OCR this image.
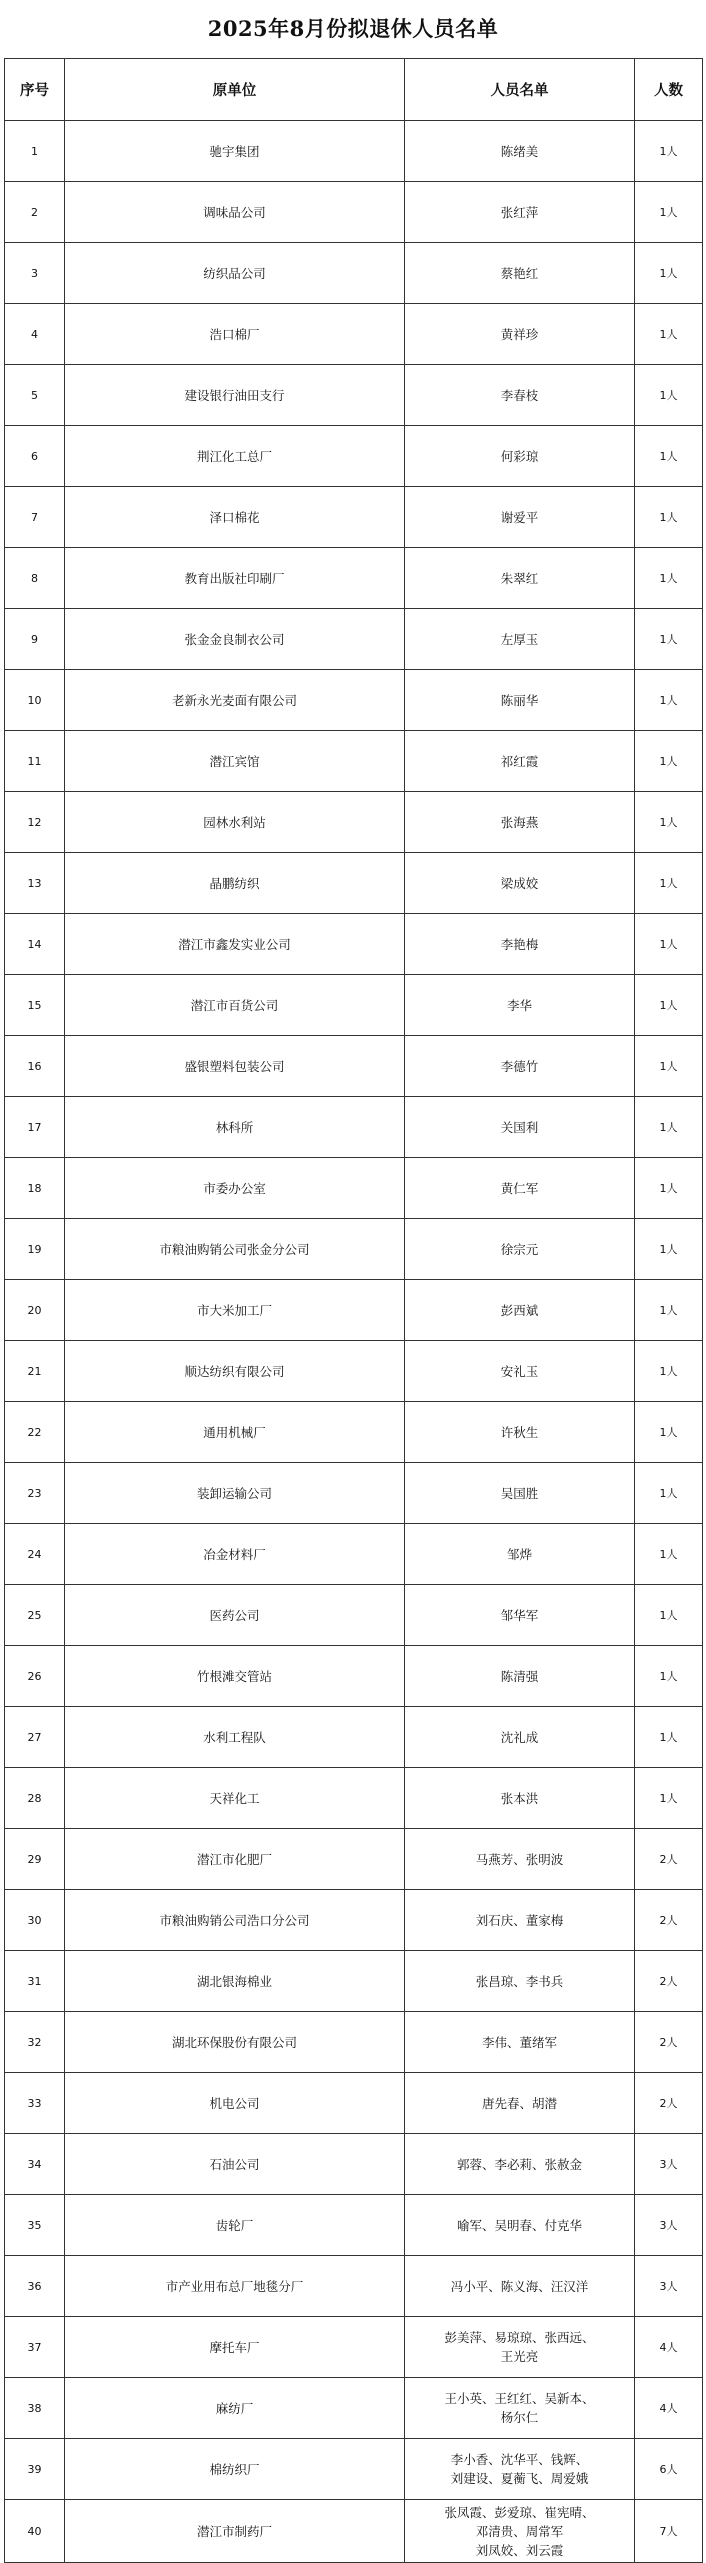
2025年8月份拟退休人员名单
序号	原单位	人员名单	人数
1	驰宇集团	陈绪美	1人
2	调味品公司	张红萍	1人
3	纺织品公司	蔡艳红	1人
4	浩口棉厂	黄祥珍	1人
5	建设银行油田支行	李春枝	1人
6	荆江化工总厂	何彩琼	1人
7	泽口棉花	谢爱平	1人
8	教育出版社印刷厂	朱翠红	1人
9	张金金良制衣公司	左厚玉	1人
10	老新永光麦面有限公司	陈丽华	1人
11	潜江宾馆	祁红霞	1人
12	园林水利站	张海燕	1人
13	晶鹏纺织	梁成姣	1人
14	潜江市鑫发实业公司	李艳梅	1人
15	潜江市百货公司	李华	1人
16	盛银塑料包装公司	李德竹	1人
17	林科所	关国利	1人
18	市委办公室	黄仁军	1人
19	市粮油购销公司张金分公司	徐宗元	1人
20	市大米加工厂	彭西斌	1人
21	顺达纺织有限公司	安礼玉	1人
22	通用机械厂	许秋生	1人
23	装卸运输公司	吴国胜	1人
24	冶金材料厂	邹烨	1人
25	医药公司	邹华军	1人
26	竹根滩交管站	陈清强	1人
27	水利工程队	沈礼成	1人
28	天祥化工	张本洪	1人
29	潜江市化肥厂	马燕芳、张明波	2人
30	市粮油购销公司浩口分公司	刘石庆、董家梅	2人
31	湖北银海棉业	张昌琼、李书兵	2人
32	湖北环保股份有限公司	李伟、董绪军	2人
33	机电公司	唐先春、胡潜	2人
34	石油公司	郭蓉、李必莉、张赦金	3人
35	齿轮厂	喻军、吴明春、付克华	3人
36	市产业用布总厂地毯分厂	冯小平、陈义海、汪汉洋	3人
37	摩托车厂	彭美萍、易琼琼、张西远、
王光亮	4人
38	麻纺厂	王小英、王红红、吴新本、
杨尔仁	4人
39	棉纺织厂	李小香、沈华平、钱辉、
刘建设、夏蘅飞、周爱娥	6人
40	潜江市制药厂	张凤霞、彭爱琼、崔宪晴、
邓清贵、周常军
刘凤姣、刘云霞	7人
